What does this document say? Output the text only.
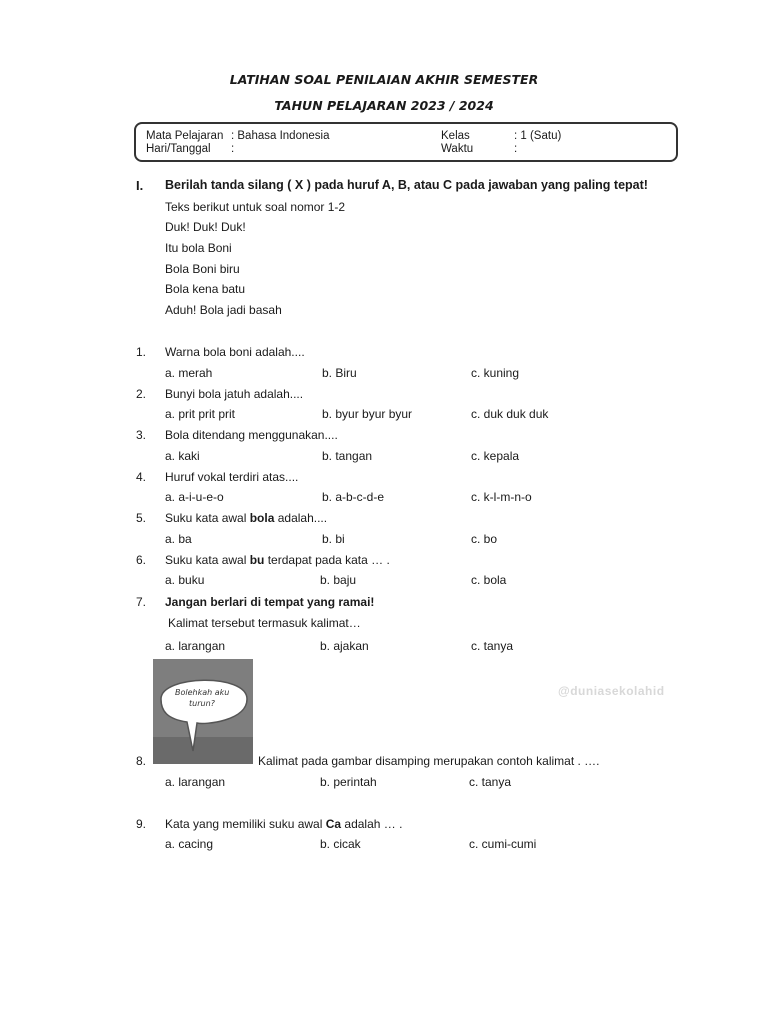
LATIHAN SOAL PENILAIAN AKHIR SEMESTER
TAHUN PELAJARAN 2023 / 2024
Mata Pelajaran : Bahasa Indonesia
Hari/Tanggal :
Kelas	: 1 (Satu)
Waktu	:
I. Berilah tanda silang ( X ) pada huruf A, B, atau C pada jawaban yang paling tepat!
Teks berikut untuk soal nomor 1-2
Duk! Duk! Duk!
Itu bola Boni
Bola Boni biru
Bola kena batu
Aduh! Bola jadi basah
1. Warna bola boni adalah....
a. merah	b. Biru	c. kuning
2. Bunyi bola jatuh adalah....
a. prit prit prit	b. byur byur byur	c. duk duk duk
3. Bola ditendang menggunakan....
a. kaki	b. tangan	c. kepala
4. Huruf vokal terdiri atas....
a. a-i-u-e-o	b. a-b-c-d-e	c. k-l-m-n-o
5. Suku kata awal bola adalah....
a. ba	b. bi	c. bo
6. Suku kata awal bu terdapat pada kata … .
a. buku	b. baju	c. bola
7. Jangan berlari di tempat yang ramai!
Kalimat tersebut termasuk kalimat…
a. larangan	b. ajakan	c. tanya
Bolehkah aku
turun?
@duniasekolahid
8.	Kalimat pada gambar disamping merupakan contoh kalimat . ….
a. larangan	b. perintah	c. tanya
9. Kata yang memiliki suku awal Ca adalah … .
a. cacing	b. cicak	c. cumi-cumi
